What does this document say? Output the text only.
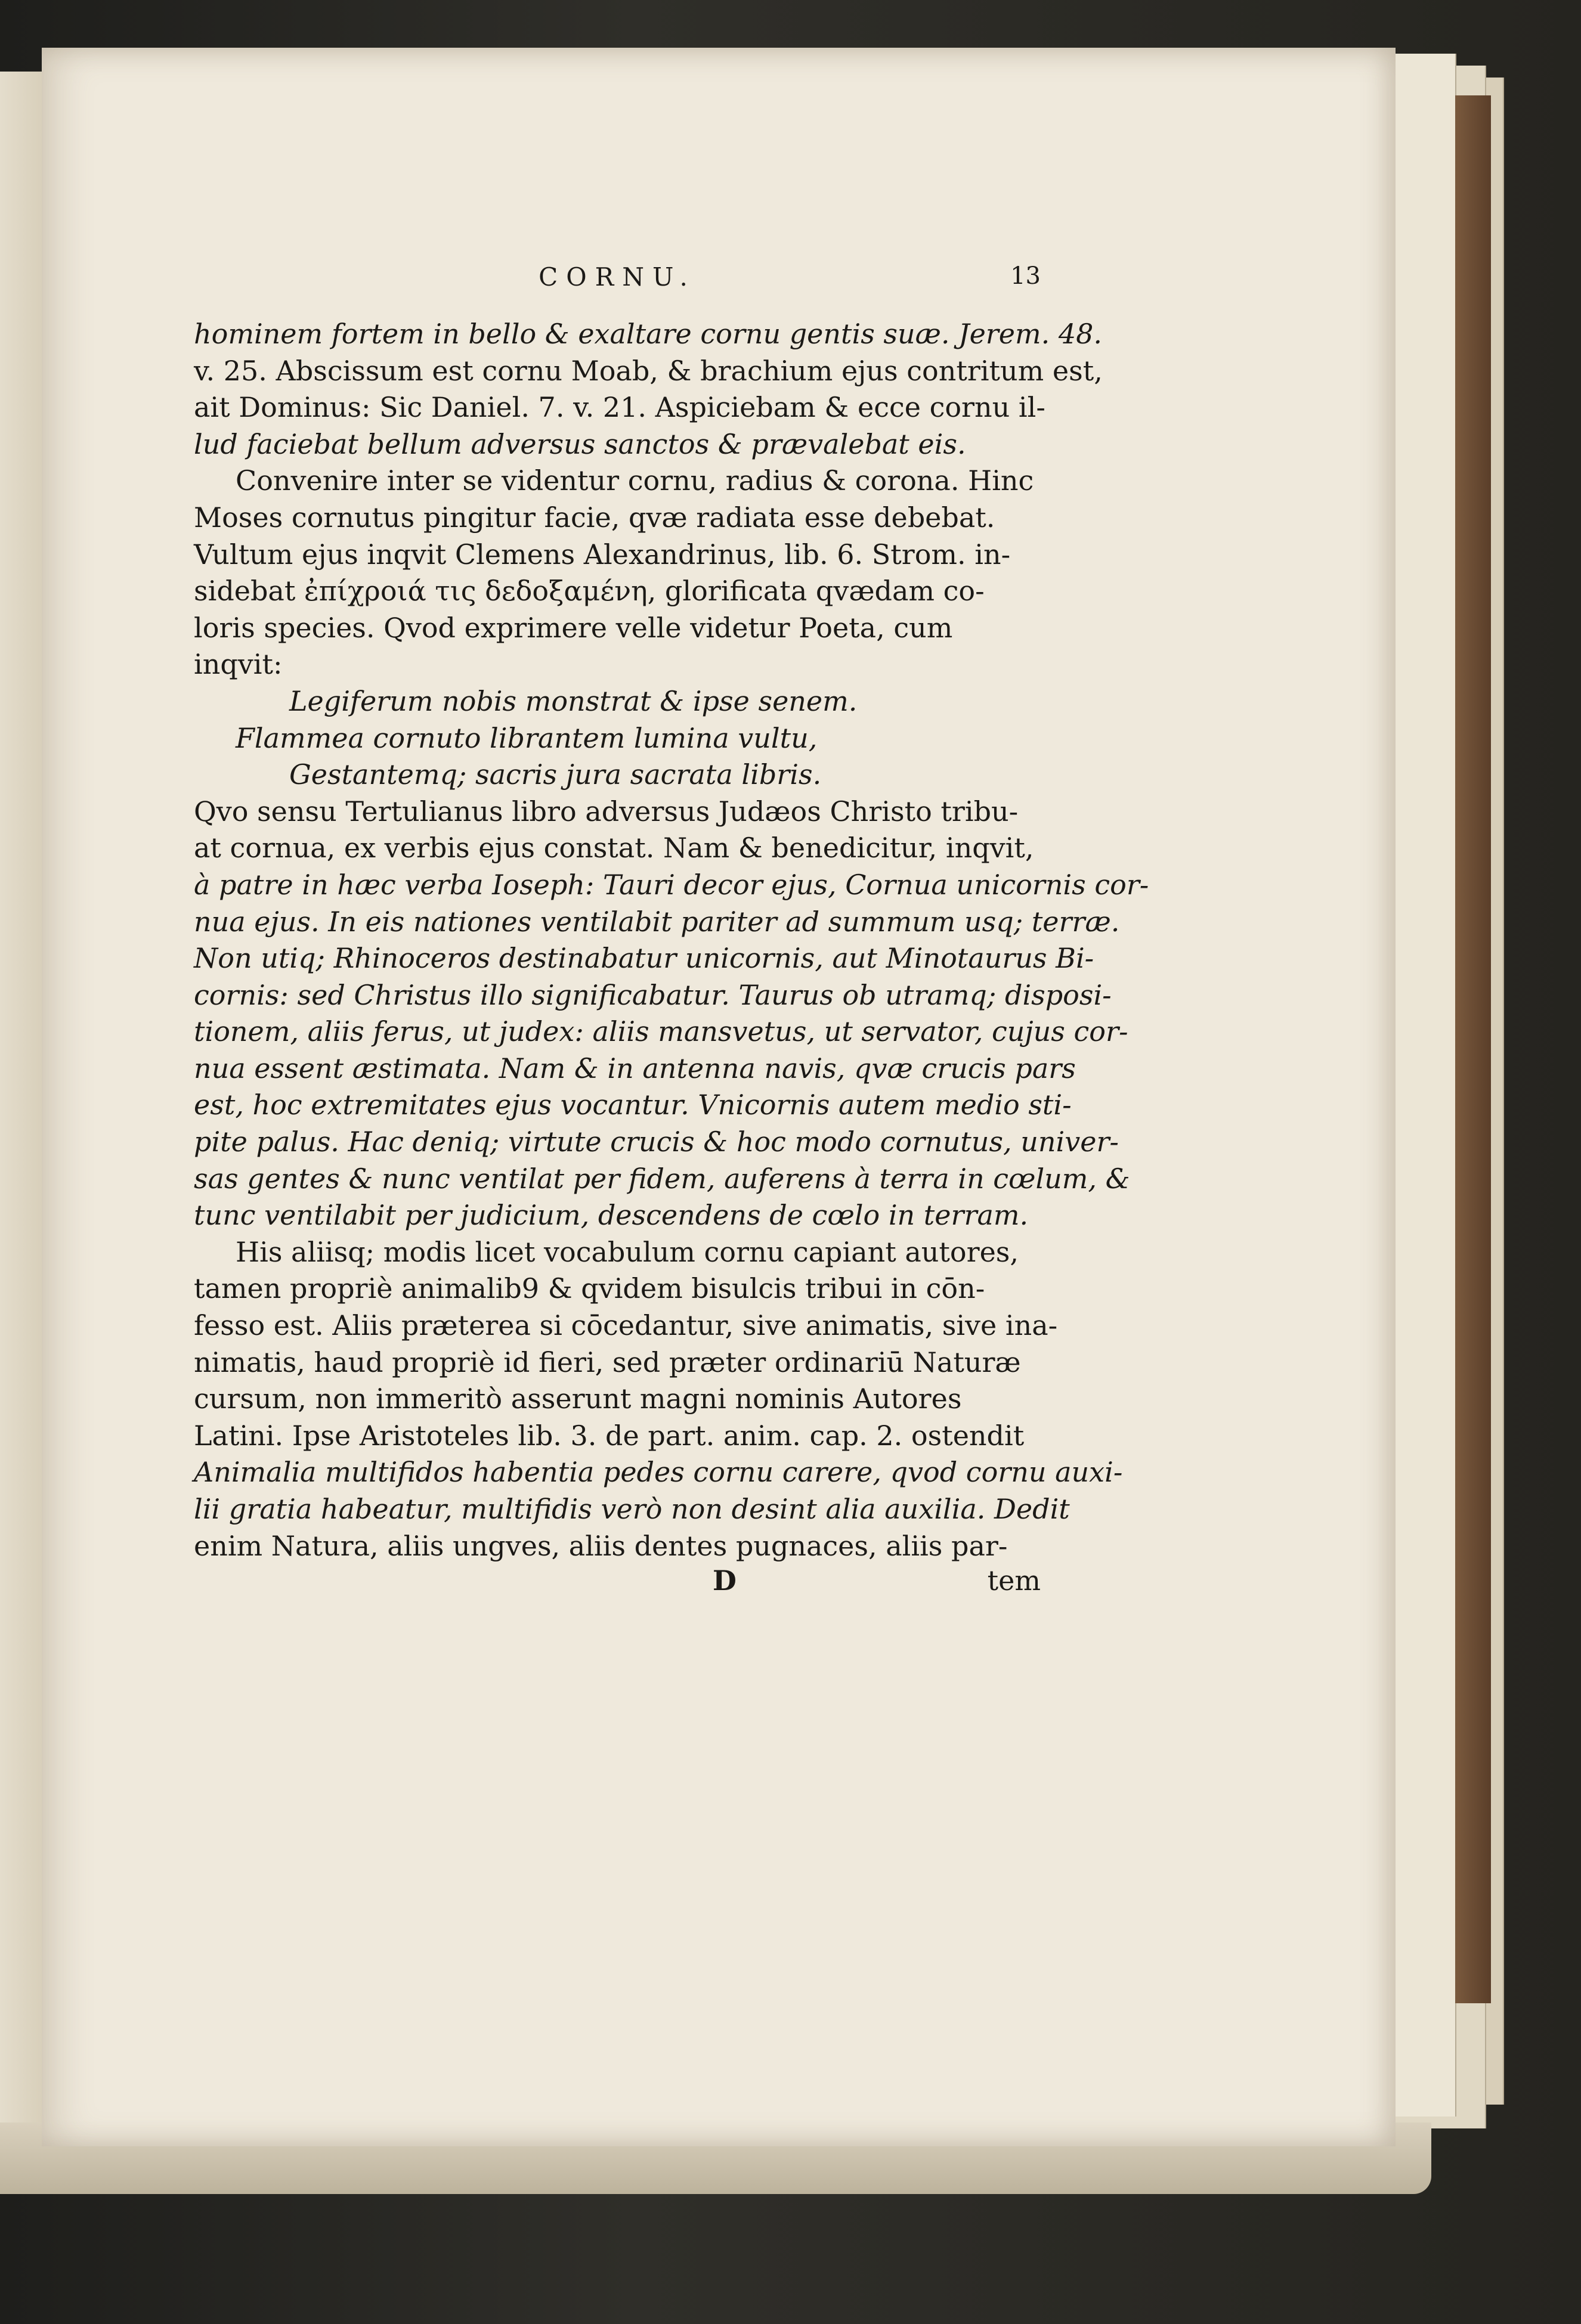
CORNU.	13
hominem fortem in bello & exaltare cornu gentis suæ. Jerem. 48.
v. 25. Abscissum est cornu Moab, & brachium ejus contritum est,
ait Dominus: Sic Daniel. 7. v. 21. Aspiciebam & ecce cornu il-
lud faciebat bellum adversus sanctos & prævalebat eis.
Convenire inter se videntur cornu, radius & corona. Hinc
Moses cornutus pingitur facie, qvæ radiata esse debebat.
Vultum ejus inqvit Clemens Alexandrinus, lib. 6. Strom. in-
sidebat ἐπίχροιά τις δεδοξαμένη, glorificata qvædam co-
loris species. Qvod exprimere velle videtur Poeta, cum
inqvit:
Legiferum nobis monstrat & ipse senem.
Flammea cornuto librantem lumina vultu,
Gestantemq; sacris jura sacrata libris.
Qvo sensu Tertulianus libro adversus Judæos Christo tribu-
at cornua, ex verbis ejus constat. Nam & benedicitur, inqvit,
à patre in hæc verba Ioseph: Tauri decor ejus, Cornua unicornis cor-
nua ejus. In eis nationes ventilabit pariter ad summum usq; terræ.
Non utiq; Rhinoceros destinabatur unicornis, aut Minotaurus Bi-
cornis: sed Christus illo significabatur. Taurus ob utramq; disposi-
tionem, aliis ferus, ut judex: aliis mansvetus, ut servator, cujus cor-
nua essent æstimata. Nam & in antenna navis, qvæ crucis pars
est, hoc extremitates ejus vocantur. Vnicornis autem medio sti-
pite palus. Hac deniq; virtute crucis & hoc modo cornutus, univer-
sas gentes & nunc ventilat per fidem, auferens à terra in cœlum, &
tunc ventilabit per judicium, descendens de cœlo in terram.
His aliisq; modis licet vocabulum cornu capiant autores,
tamen propriè animalib9 & qvidem bisulcis tribui in cōn-
fesso est. Aliis præterea si cōcedantur, sive animatis, sive ina-
nimatis, haud propriè id fieri, sed præter ordinariū Naturæ
cursum, non immeritò asserunt magni nominis Autores
Latini. Ipse Aristoteles lib. 3. de part. anim. cap. 2. ostendit
Animalia multifidos habentia pedes cornu carere, qvod cornu auxi-
lii gratia habeatur, multifidis verò non desint alia auxilia. Dedit
enim Natura, aliis ungves, aliis dentes pugnaces, aliis par-
D	tem
